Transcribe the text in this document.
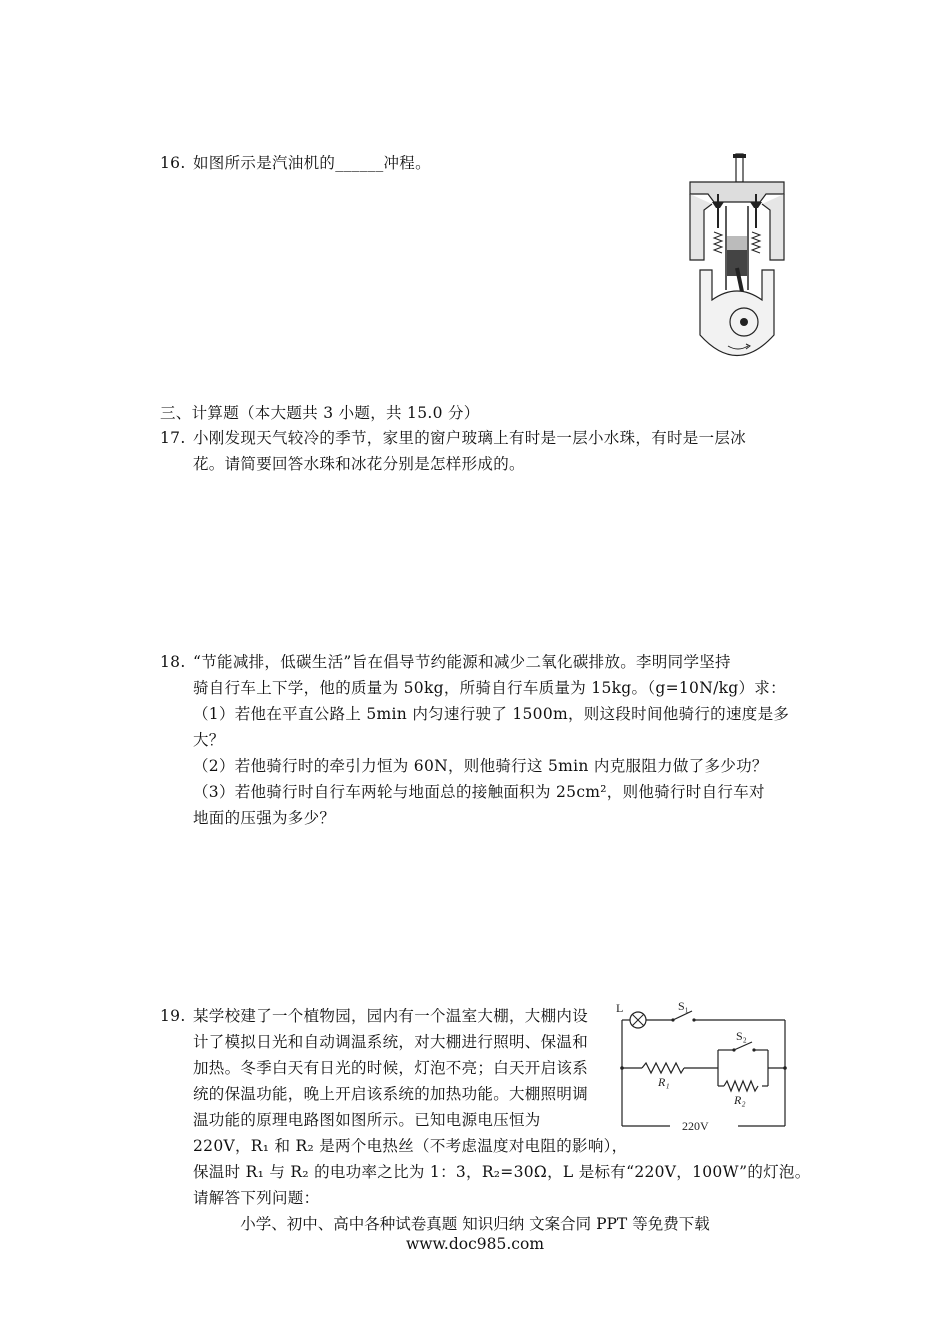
16. 如图所示是汽油机的______冲程。
三、计算题（本大题共 3 小题，共 15.0 分）
17. 小刚发现天气较冷的季节，家里的窗户玻璃上有时是一层小水珠，有时是一层冰
花。请简要回答水珠和冰花分别是怎样形成的。
18. “节能减排，低碳生活”旨在倡导节约能源和减少二氧化碳排放。李明同学坚持
骑自行车上下学，他的质量为 50kg，所骑自行车质量为 15kg。（g=10N/kg）求：
（1）若他在平直公路上 5min 内匀速行驶了 1500m，则这段时间他骑行的速度是多
大？
（2）若他骑行时的牵引力恒为 60N，则他骑行这 5min 内克服阻力做了多少功？
（3）若他骑行时自行车两轮与地面总的接触面积为 25cm²，则他骑行时自行车对
地面的压强为多少？
19. 某学校建了一个植物园，园内有一个温室大棚，大棚内设
计了模拟日光和自动调温系统，对大棚进行照明、保温和
加热。冬季白天有日光的时候，灯泡不亮；白天开启该系
统的保温功能，晚上开启该系统的加热功能。大棚照明调
温功能的原理电路图如图所示。已知电源电压恒为
220V，R₁ 和 R₂ 是两个电热丝（不考虑温度对电阻的影响），
保温时 R₁ 与 R₂ 的电功率之比为 1：3，R₂=30Ω，L 是标有“220V，100W”的灯泡。
请解答下列问题：
L	S₁
R₁
S₂
R₂
220V
小学、初中、高中各种试卷真题 知识归纳 文案合同 PPT 等免费下载
www.doc985.com
